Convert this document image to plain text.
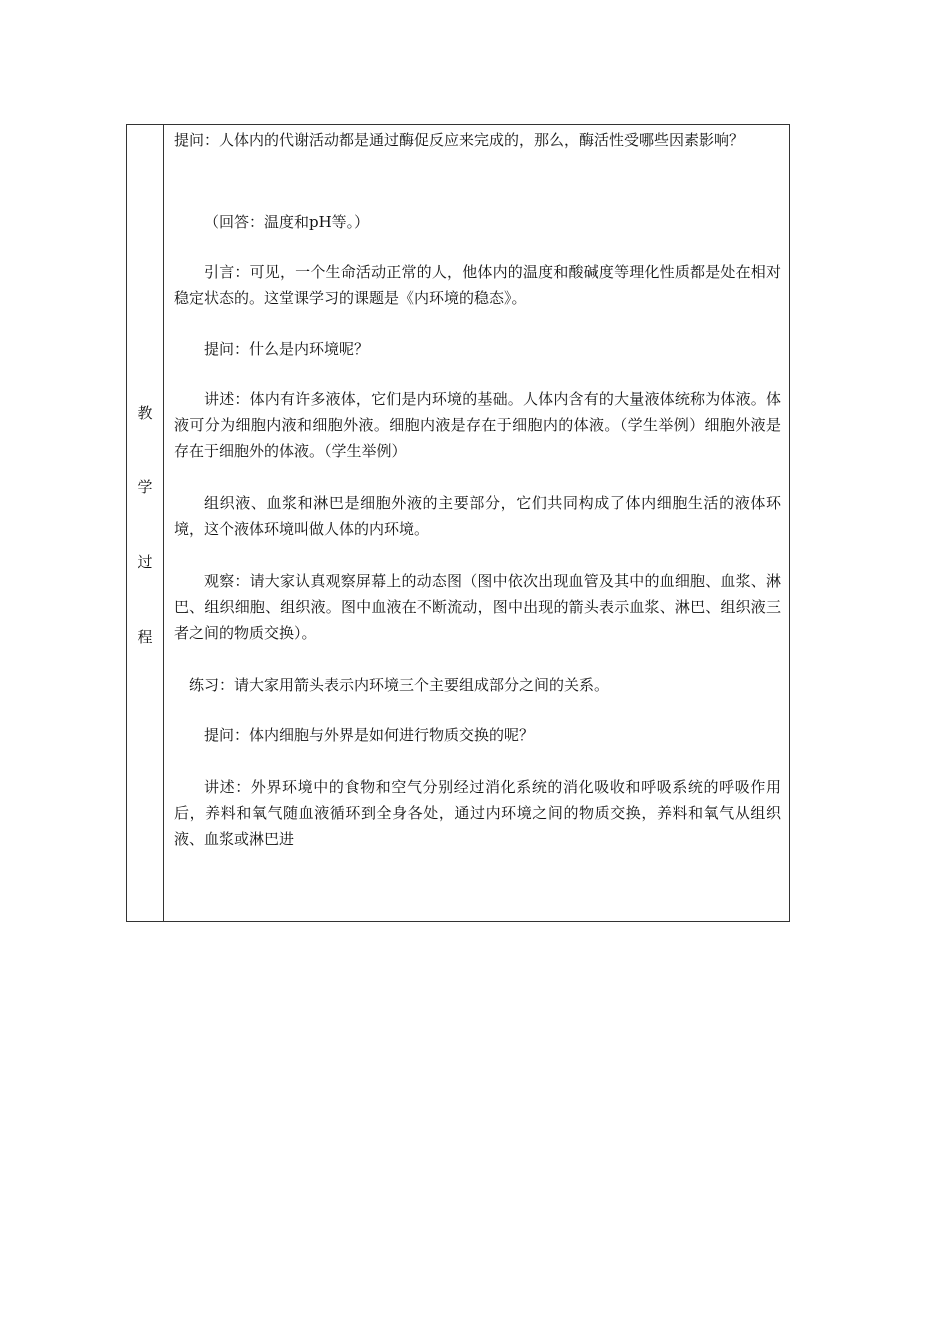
教
学
过
程

提问：人体内的代谢活动都是通过酶促反应来完成的，那么，酶活性受哪些因素影响？

（回答：温度和pH等。）

引言：可见，一个生命活动正常的人，他体内的温度和酸碱度等理化性质都是处在相对稳定状态的。这堂课学习的课题是《内环境的稳态》。

提问：什么是内环境呢？

讲述：体内有许多液体，它们是内环境的基础。人体内含有的大量液体统称为体液。体液可分为细胞内液和细胞外液。细胞内液是存在于细胞内的体液。（学生举例）细胞外液是存在于细胞外的体液。（学生举例）

组织液、血浆和淋巴是细胞外液的主要部分，它们共同构成了体内细胞生活的液体环境，这个液体环境叫做人体的内环境。

观察：请大家认真观察屏幕上的动态图（图中依次出现血管及其中的血细胞、血浆、淋巴、组织细胞、组织液。图中血液在不断流动，图中出现的箭头表示血浆、淋巴、组织液三者之间的物质交换）。

练习：请大家用箭头表示内环境三个主要组成部分之间的关系。

提问：体内细胞与外界是如何进行物质交换的呢？

讲述：外界环境中的食物和空气分别经过消化系统的消化吸收和呼吸系统的呼吸作用后，养料和氧气随血液循环到全身各处，通过内环境之间的物质交换，养料和氧气从组织液、血浆或淋巴进
